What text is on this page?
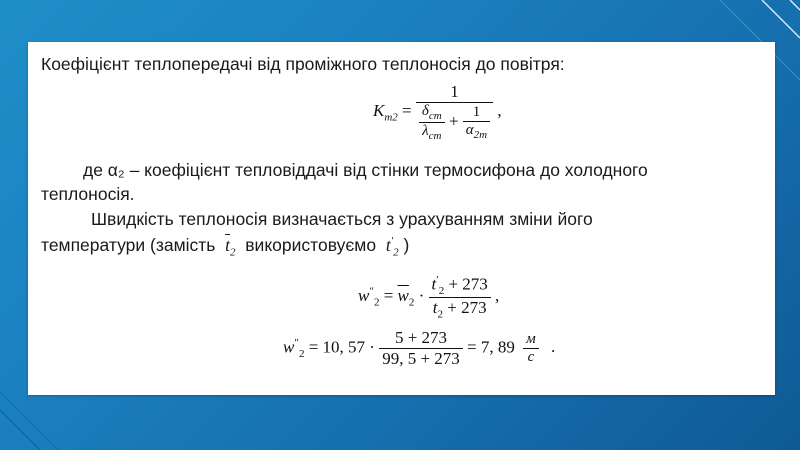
Коефіцієнт теплопередачі від проміжного теплоносія до повітря:
$K_{т2}$ =
1
$\frac{\delta_{ст}}{\lambda_{ст}} + \frac{1}{\alpha_{2т}}$ ,
де α₂ – коефіцієнт тепловіддачі від стінки термосифона до холодного
теплоносія.
Швидкість теплоносія визначається з урахуванням зміни його
температури (замість $\overline{t}_2$ використовуємо $t'_2$ )
$w''_2 = \overline{w}_2 \cdot \frac{t'_2 + 273}{\overline{t}_2 + 273}$ ,
$w''_2 = 10$, $57 \cdot \frac{5 + 273}{99, 5 + 273} = 7$, $89 \frac{м}{с}$ .
